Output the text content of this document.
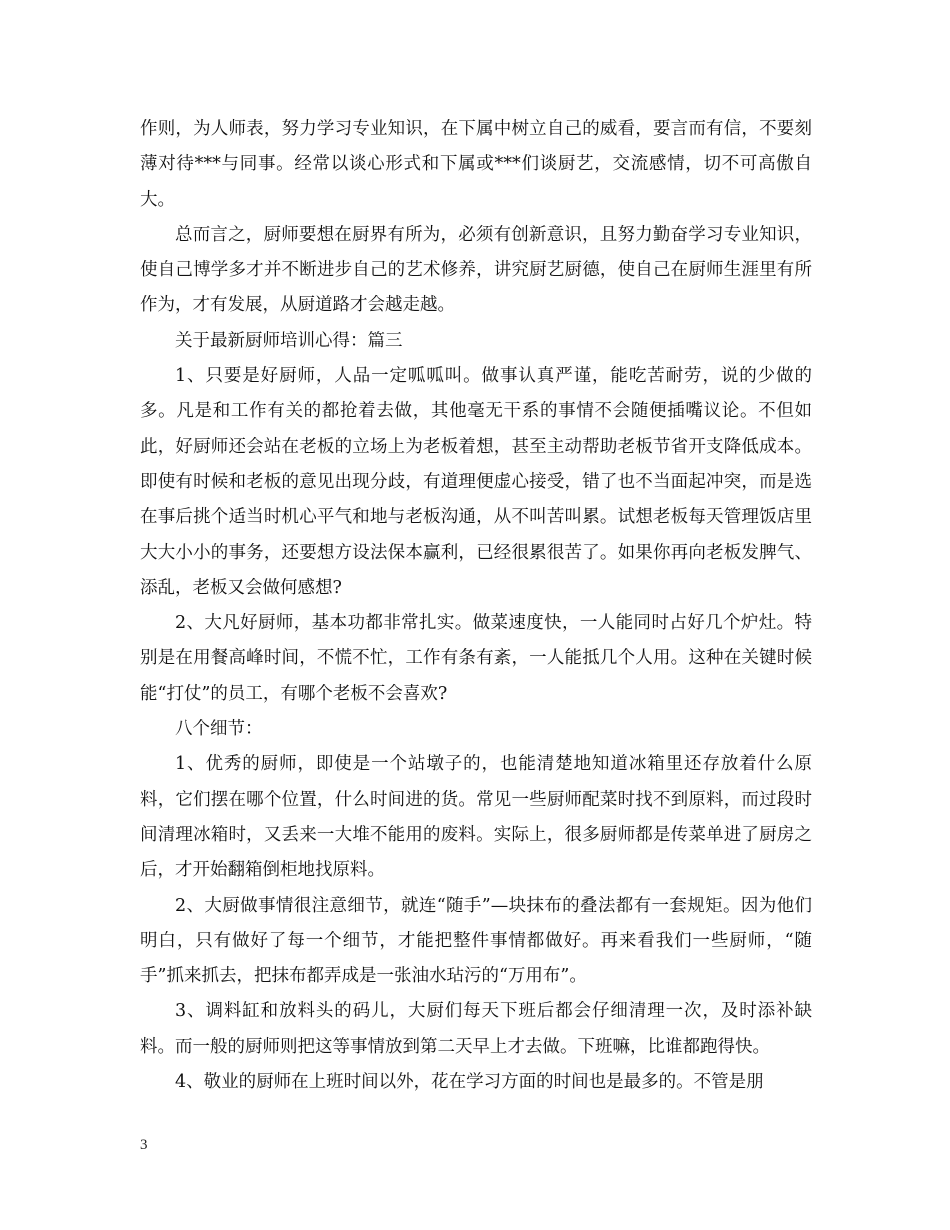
作则，为人师表，努力学习专业知识，在下属中树立自己的威看，要言而有信，不要刻薄对待***与同事。经常以谈心形式和下属或***们谈厨艺，交流感情，切不可高傲自大。

总而言之，厨师要想在厨界有所为，必须有创新意识，且努力勤奋学习专业知识，使自己博学多才并不断进步自己的艺术修养，讲究厨艺厨德，使自己在厨师生涯里有所作为，才有发展，从厨道路才会越走越。

关于最新厨师培训心得：篇三

1、只要是好厨师，人品一定呱呱叫。做事认真严谨，能吃苦耐劳，说的少做的多。凡是和工作有关的都抢着去做，其他毫无干系的事情不会随便插嘴议论。不但如此，好厨师还会站在老板的立场上为老板着想，甚至主动帮助老板节省开支降低成本。即使有时候和老板的意见出现分歧，有道理便虚心接受，错了也不当面起冲突，而是选在事后挑个适当时机心平气和地与老板沟通，从不叫苦叫累。试想老板每天管理饭店里大大小小的事务，还要想方设法保本赢利，已经很累很苦了。如果你再向老板发脾气、添乱，老板又会做何感想?

2、大凡好厨师，基本功都非常扎实。做菜速度快，一人能同时占好几个炉灶。特别是在用餐高峰时间，不慌不忙，工作有条有紊，一人能抵几个人用。这种在关键时候能“打仗”的员工，有哪个老板不会喜欢?

八个细节：

1、优秀的厨师，即使是一个站墩子的，也能清楚地知道冰箱里还存放着什么原料，它们摆在哪个位置，什么时间进的货。常见一些厨师配菜时找不到原料，而过段时间清理冰箱时，又丢来一大堆不能用的废料。实际上，很多厨师都是传菜单进了厨房之后，才开始翻箱倒柜地找原料。

2、大厨做事情很注意细节，就连“随手”—块抹布的叠法都有一套规矩。因为他们明白，只有做好了每一个细节，才能把整件事情都做好。再来看我们一些厨师，“随手”抓来抓去，把抹布都弄成是一张油水玷污的“万用布”。

3、调料缸和放料头的码儿，大厨们每天下班后都会仔细清理一次，及时添补缺料。而一般的厨师则把这等事情放到第二天早上才去做。下班嘛，比谁都跑得快。

4、敬业的厨师在上班时间以外，花在学习方面的时间也是最多的。不管是朋

3
